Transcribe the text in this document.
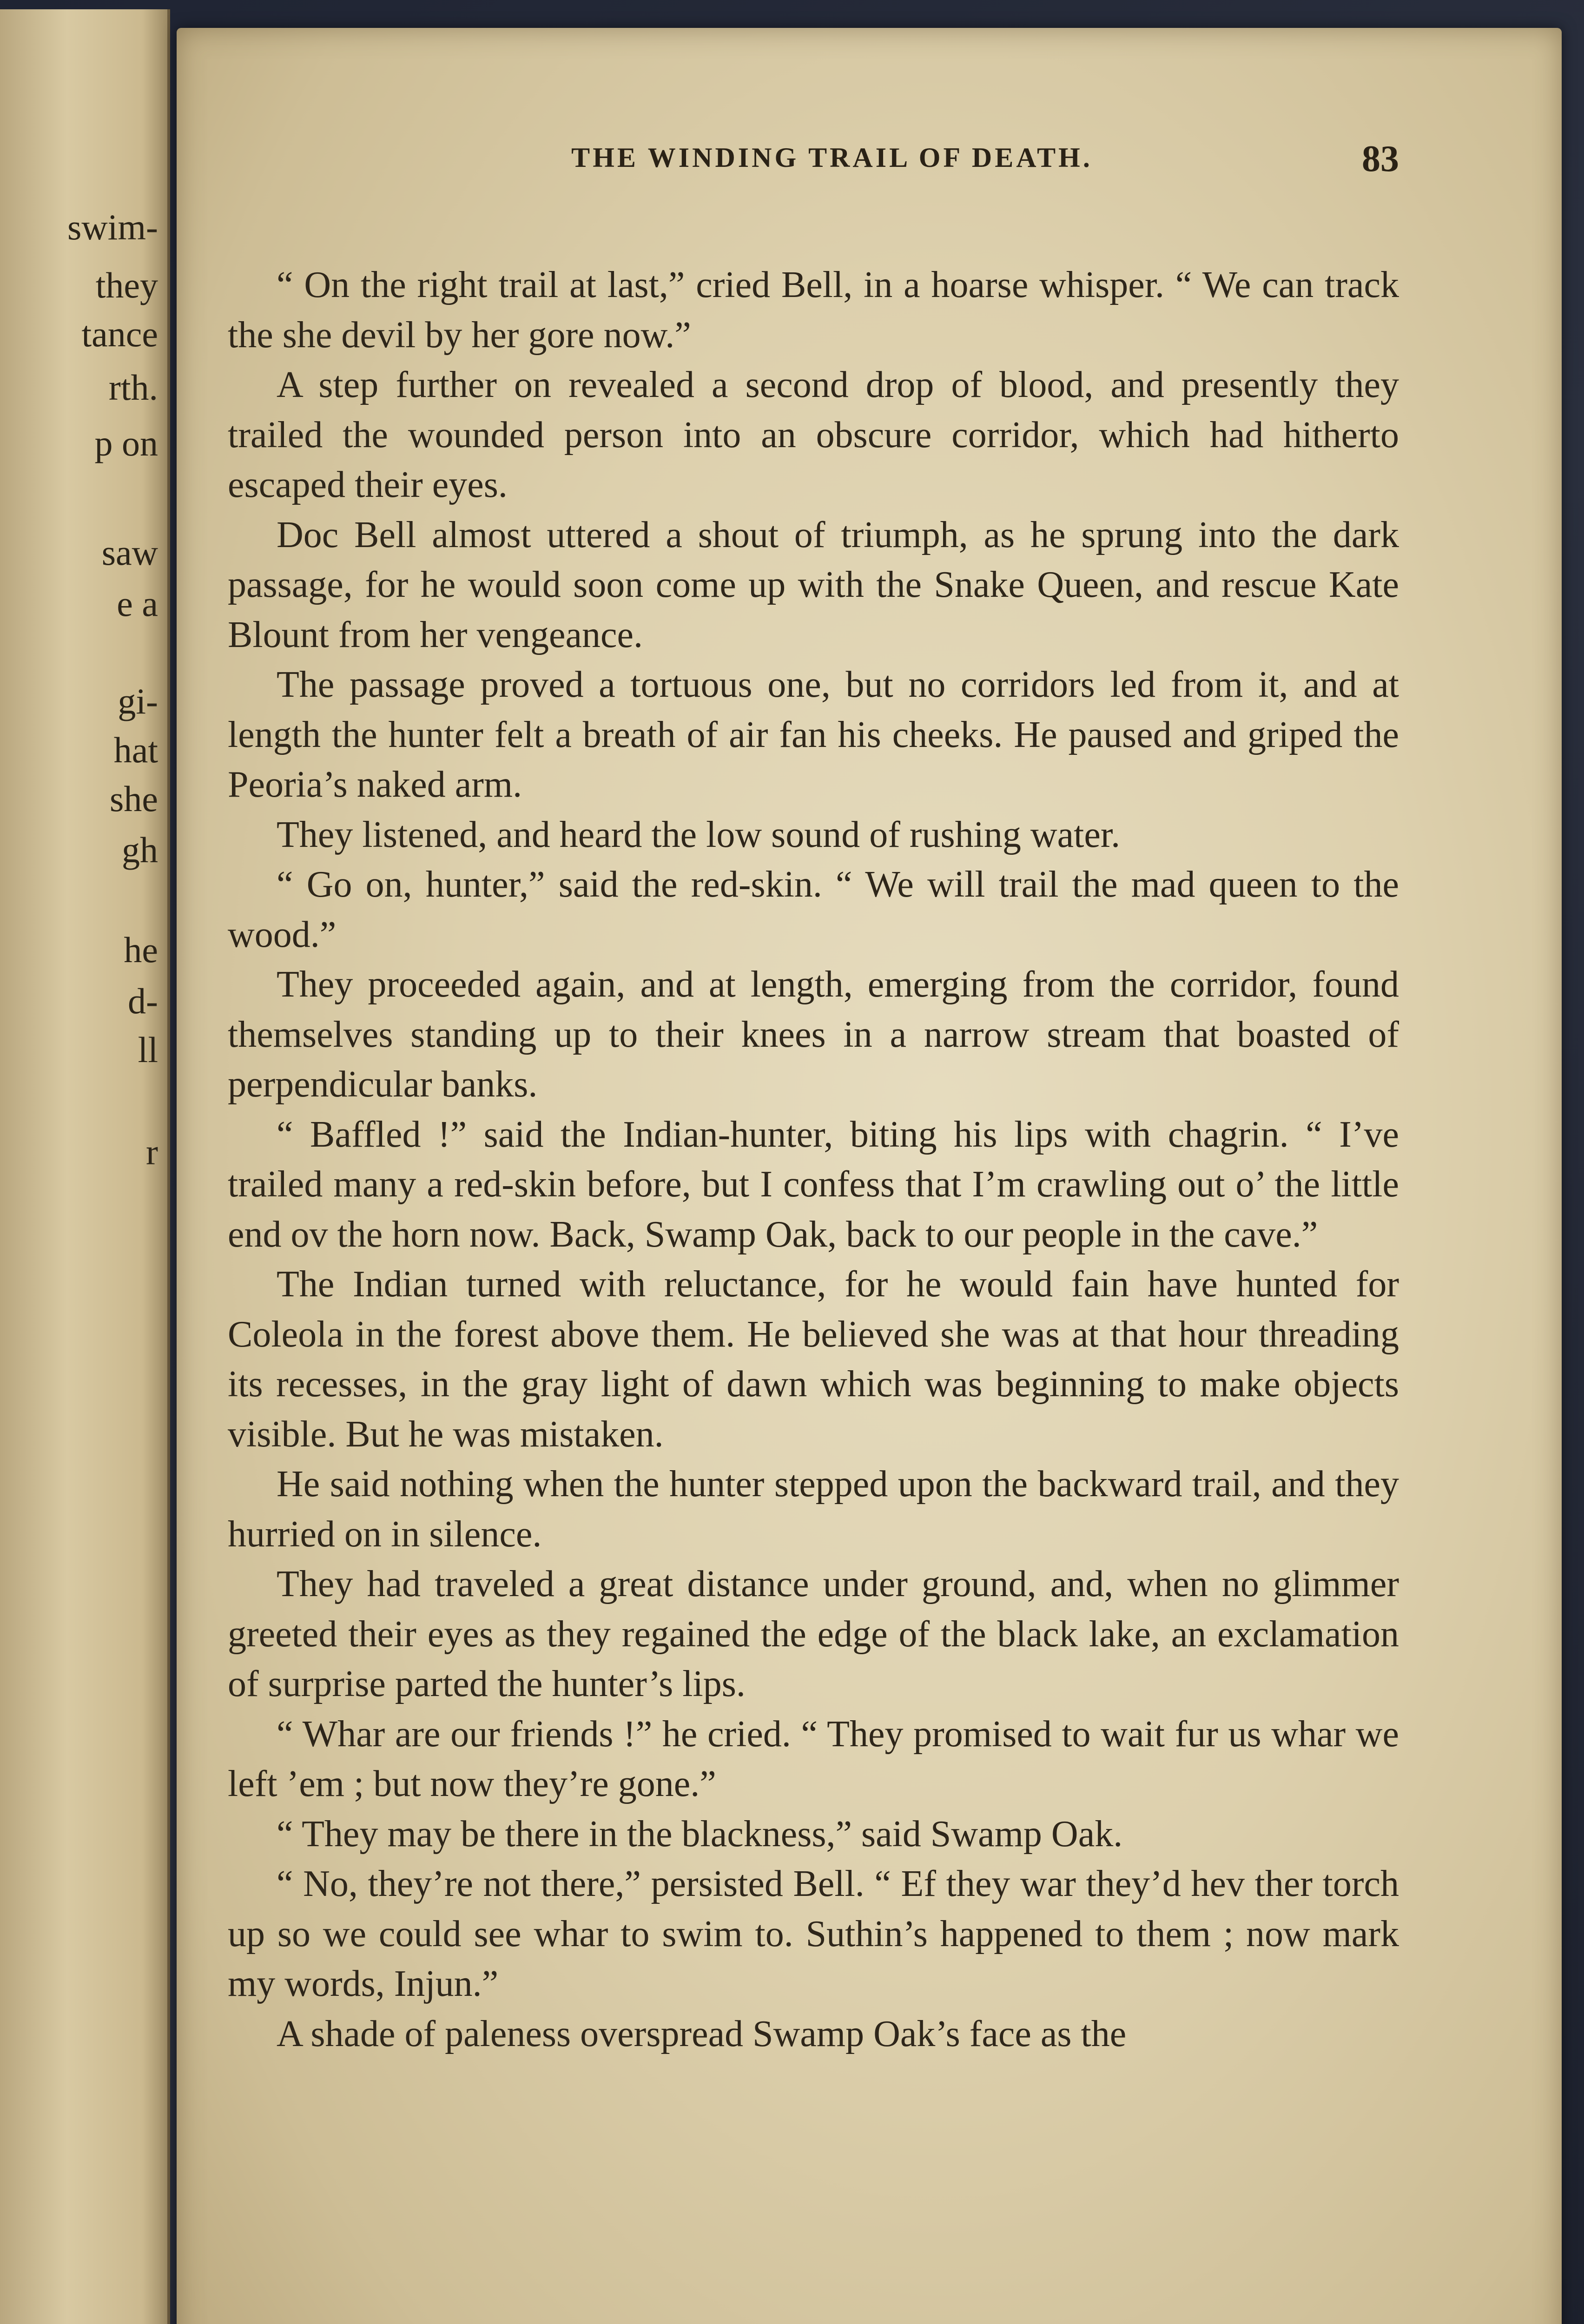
swim-
they
tance
rth.
p on
saw
e a
gi-
hat
she
gh
he
d-
ll
r
THE WINDING TRAIL OF DEATH.	83

“ On the right trail at last,” cried Bell, in a hoarse whisper. “ We can track the she devil by her gore now.”

A step further on revealed a second drop of blood, and presently they trailed the wounded person into an obscure corridor, which had hitherto escaped their eyes.

Doc Bell almost uttered a shout of triumph, as he sprung into the dark passage, for he would soon come up with the Snake Queen, and rescue Kate Blount from her vengeance.

The passage proved a tortuous one, but no corridors led from it, and at length the hunter felt a breath of air fan his cheeks. He paused and griped the Peoria’s naked arm.

They listened, and heard the low sound of rushing water.

“ Go on, hunter,” said the red-skin. “ We will trail the mad queen to the wood.”

They proceeded again, and at length, emerging from the corridor, found themselves standing up to their knees in a narrow stream that boasted of perpendicular banks.

“ Baffled !” said the Indian-hunter, biting his lips with chagrin. “ I’ve trailed many a red-skin before, but I confess that I’m crawling out o’ the little end ov the horn now. Back, Swamp Oak, back to our people in the cave.”

The Indian turned with reluctance, for he would fain have hunted for Coleola in the forest above them. He believed she was at that hour threading its recesses, in the gray light of dawn which was beginning to make objects visible. But he was mistaken.

He said nothing when the hunter stepped upon the backward trail, and they hurried on in silence.

They had traveled a great distance under ground, and, when no glimmer greeted their eyes as they regained the edge of the black lake, an exclamation of surprise parted the hunter’s lips.

“ Whar are our friends !” he cried. “ They promised to wait fur us whar we left ’em ; but now they’re gone.”

“ They may be there in the blackness,” said Swamp Oak.

“ No, they’re not there,” persisted Bell. “ Ef they war they’d hev ther torch up so we could see whar to swim to. Suthin’s happened to them ; now mark my words, Injun.”

A shade of paleness overspread Swamp Oak’s face as the
